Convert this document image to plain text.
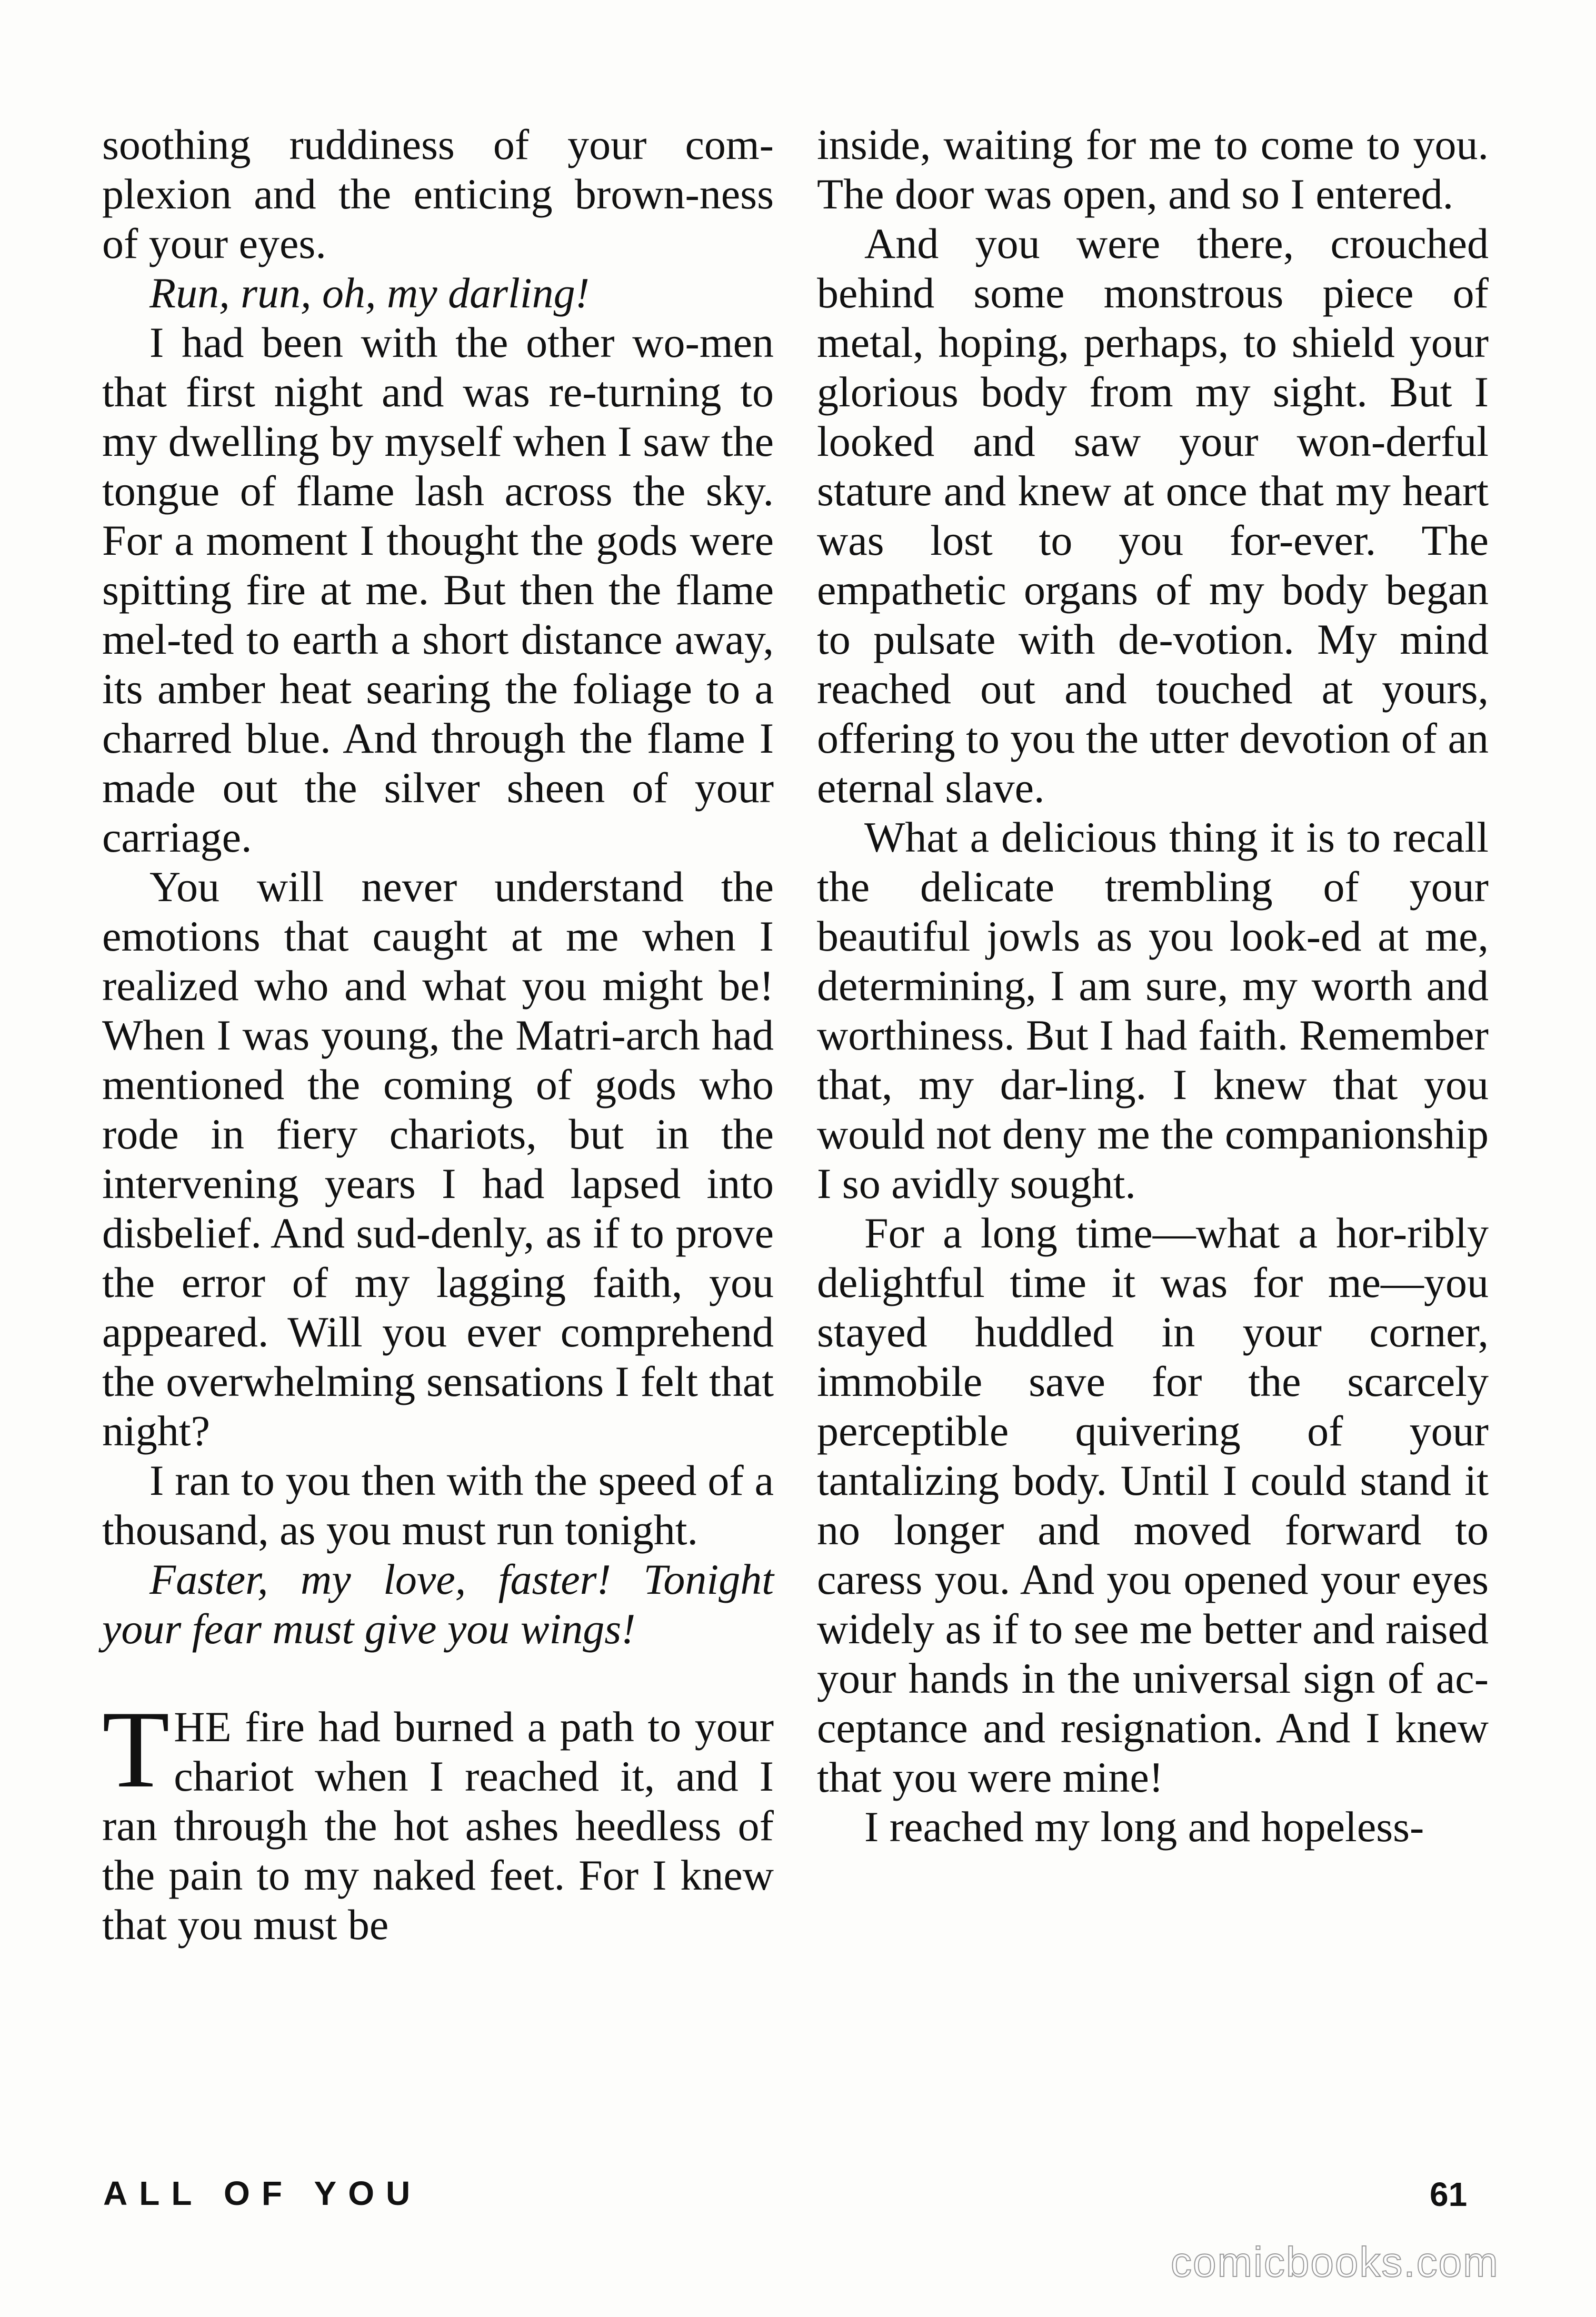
soothing ruddiness of your com-plexion and the enticing brown-ness of your eyes.

Run, run, oh, my darling!

I had been with the other wo-men that first night and was re-turning to my dwelling by myself when I saw the tongue of flame lash across the sky. For a moment I thought the gods were spitting fire at me. But then the flame mel-ted to earth a short distance away, its amber heat searing the foliage to a charred blue. And through the flame I made out the silver sheen of your carriage.

You will never understand the emotions that caught at me when I realized who and what you might be! When I was young, the Matri-arch had mentioned the coming of gods who rode in fiery chariots, but in the intervening years I had lapsed into disbelief. And sud-denly, as if to prove the error of my lagging faith, you appeared. Will you ever comprehend the overwhelming sensations I felt that night?

I ran to you then with the speed of a thousand, as you must run tonight.

Faster, my love, faster! Tonight your fear must give you wings!

THE fire had burned a path to your chariot when I reached it, and I ran through the hot ashes heedless of the pain to my naked feet. For I knew that you must be

inside, waiting for me to come to you. The door was open, and so I entered.

And you were there, crouched behind some monstrous piece of metal, hoping, perhaps, to shield your glorious body from my sight. But I looked and saw your won-derful stature and knew at once that my heart was lost to you for-ever. The empathetic organs of my body began to pulsate with de-votion. My mind reached out and touched at yours, offering to you the utter devotion of an eternal slave.

What a delicious thing it is to recall the delicate trembling of your beautiful jowls as you look-ed at me, determining, I am sure, my worth and worthiness. But I had faith. Remember that, my dar-ling. I knew that you would not deny me the companionship I so avidly sought.

For a long time—what a hor-ribly delightful time it was for me—you stayed huddled in your corner, immobile save for the scarcely perceptible quivering of your tantalizing body. Until I could stand it no longer and moved forward to caress you. And you opened your eyes widely as if to see me better and raised your hands in the universal sign of ac-ceptance and resignation. And I knew that you were mine!

I reached my long and hopeless-

ALL OF YOU	61
comicbooks.com
